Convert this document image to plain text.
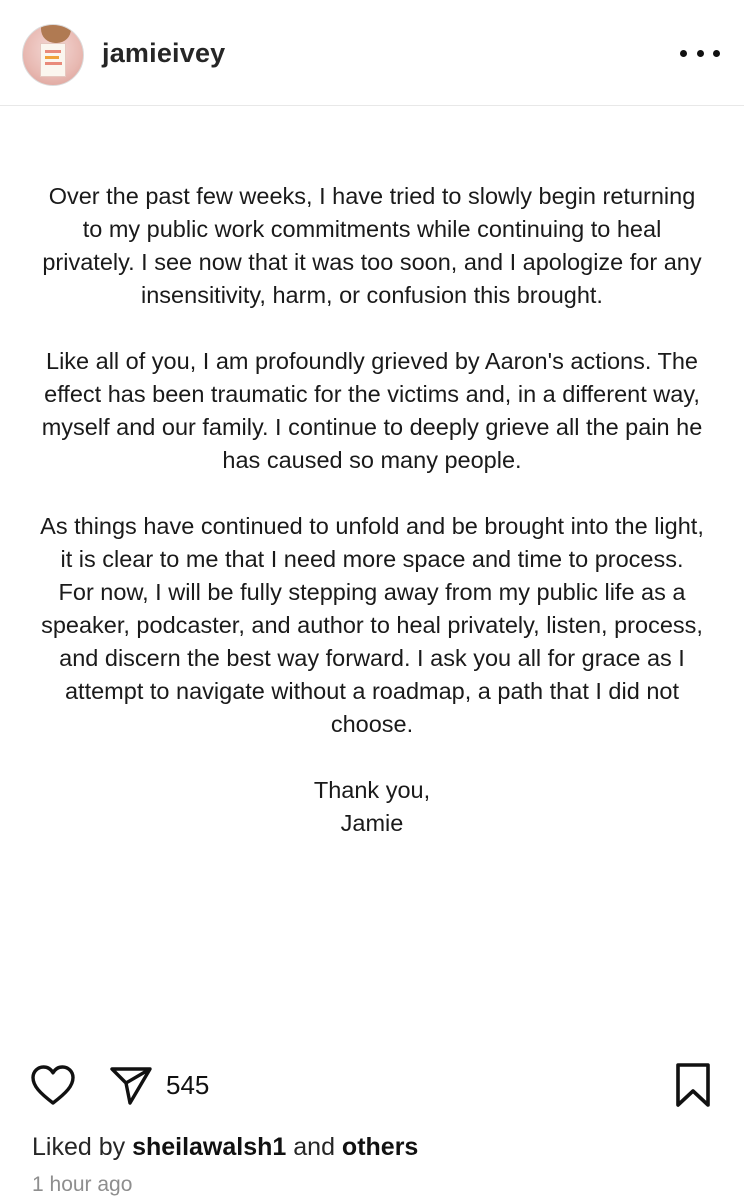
jamieivey

Over the past few weeks, I have tried to slowly begin returning to my public work commitments while continuing to heal privately. I see now that it was too soon, and I apologize for any insensitivity, harm, or confusion this brought.

Like all of you, I am profoundly grieved by Aaron's actions. The effect has been traumatic for the victims and, in a different way, myself and our family. I continue to deeply grieve all the pain he has caused so many people.

As things have continued to unfold and be brought into the light, it is clear to me that I need more space and time to process. For now, I will be fully stepping away from my public life as a speaker, podcaster, and author to heal privately, listen, process, and discern the best way forward. I ask you all for grace as I attempt to navigate without a roadmap, a path that I did not choose.

Thank you,
Jamie
545
Liked by sheilawalsh1 and others
1 hour ago
